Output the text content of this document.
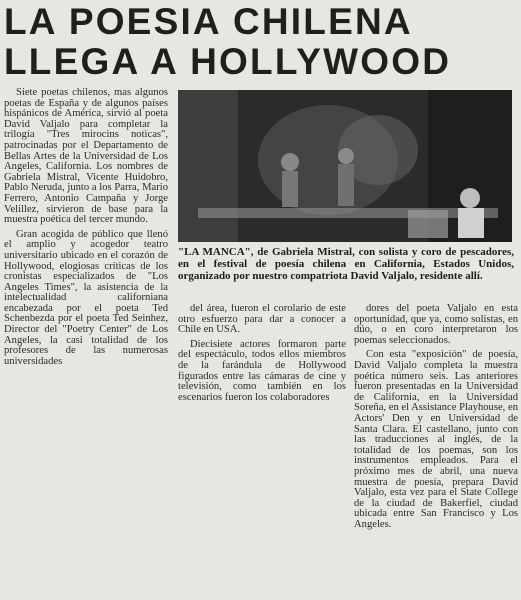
LA POESIA CHILENA
LLEGA A HOLLYWOOD

Siete poetas chilenos, mas algunos poetas de España y de algunos países hispánicos de América, sirvió al poeta David Valjalo para completar la trilogía "Tres mirocins noticas", patrocinadas por el Departamento de Bellas Artes de la Universidad de Los Angeles, California. Los nombres de Gabriela Mistral, Vicente Huidobro, Pablo Neruda, junto a los Parra, Mario Ferrero, Antonio Campaña y Jorge Velillez, sirvieron de base para la muestra poética del tercer mundo.

Gran acogida de público que llenó el amplio y acogedor teatro universitario ubicado en el corazón de Hollywood, elogiosas críticas de los cronistas especializados de "Los Angeles Times", la asistencia de la intelectualidad californiana encabezada por el poeta Ted Schenbezda por el poeta Ted Seinhez, Director del "Poetry Center" de Los Angeles, la casi totalidad de los profesores de las numerosas universidades

"LA MANCA", de Gabriela Mistral, con solista y coro de pescadores, en el festival de poesía chilena en California, Estados Unidos, organizado por nuestro compatriota David Valjalo, residente allí.

del área, fueron el corolario de este otro esfuerzo para dar a conocer a Chile en USA.

Diecisiete actores formaron parte del espectáculo, todos ellos miembros de la farándula de Hollywood figurados entre las cámaras de cine y televisión, como también en los escenarios fueron los colaboradores

dores del poeta Valjalo en esta oportunidad, que ya, como solistas, en dúo, o en coro interpretaron los poemas seleccionados.

Con esta "exposición" de poesía, David Valjalo completa la muestra poética número seis. Las anteriores fueron presentadas en la Universidad de California, en la Universidad Soreña, en el Assistance Playhouse, en Actors' Den y en Universidad de Santa Clara. El castellano, junto con las traducciones al inglés, de la totalidad de los poemas, son los instrumentos empleados. Para el próximo mes de abril, una nueva muestra de poesía, prepara David Valjalo, esta vez para el State College de la ciudad de Bakerfiel, ciudad ubicada entre San Francisco y Los Angeles.
